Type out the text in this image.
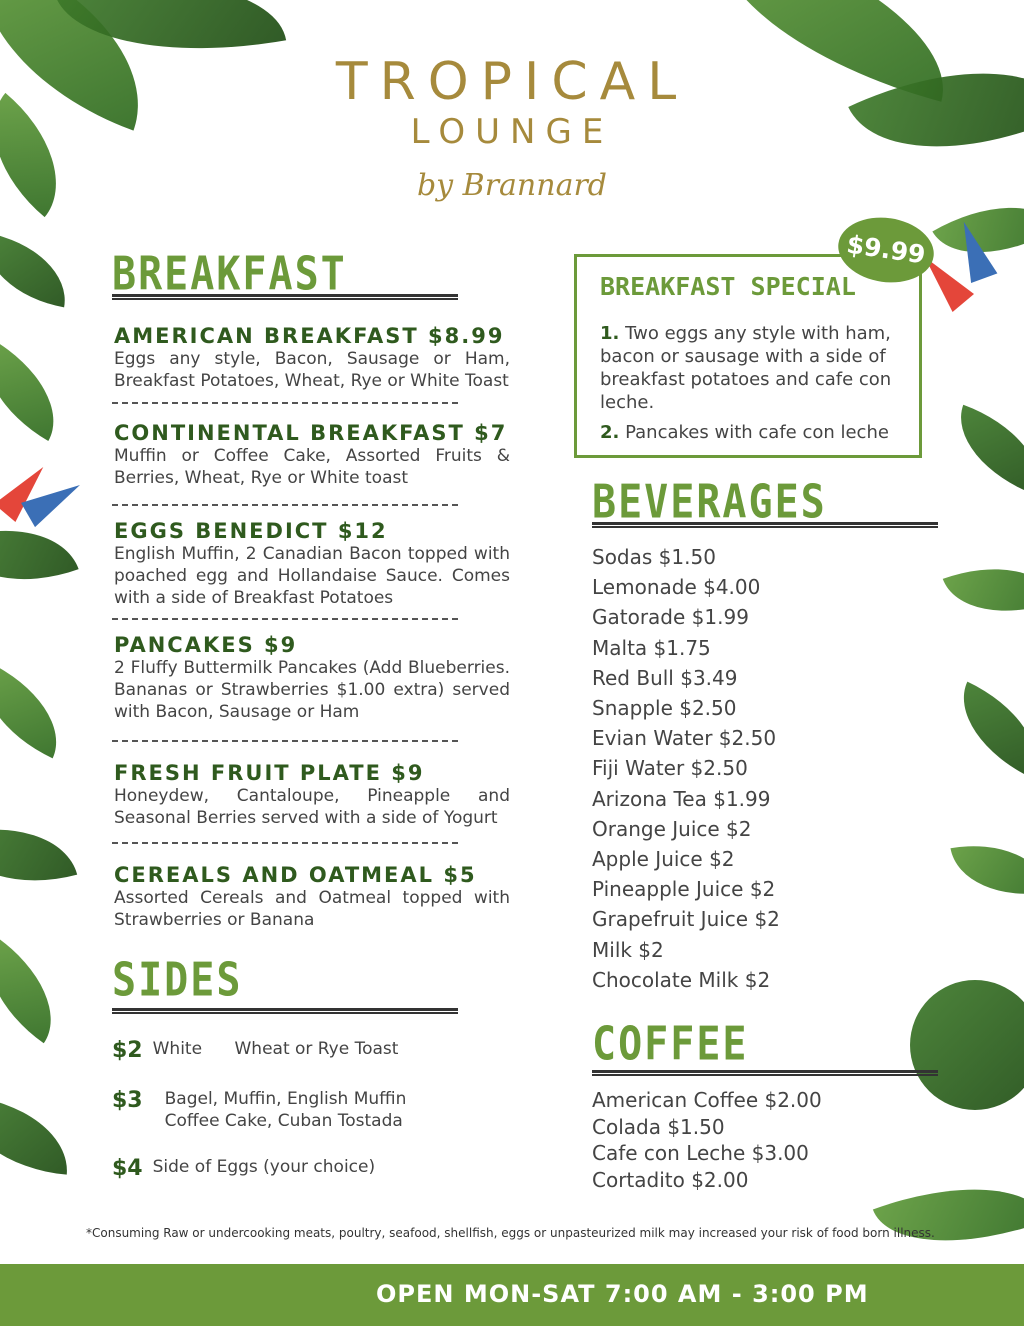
TROPICAL
LOUNGE
by Brannard
BREAKFAST
AMERICAN BREAKFAST $8.99
Eggs any style, Bacon, Sausage or Ham, Breakfast Potatoes, Wheat, Rye or White Toast
CONTINENTAL BREAKFAST $7
Muffin or Coffee Cake, Assorted Fruits & Berries, Wheat, Rye or White toast
EGGS BENEDICT $12
English Muffin, 2 Canadian Bacon topped with poached egg and Hollandaise Sauce. Comes with a side of Breakfast Potatoes
PANCAKES $9
2 Fluffy Buttermilk Pancakes (Add Blueberries. Bananas or Strawberries $1.00 extra) served with Bacon, Sausage or Ham
FRESH FRUIT PLATE $9
Honeydew, Cantaloupe, Pineapple and Seasonal Berries served with a side of Yogurt
CEREALS AND OATMEAL $5
Assorted Cereals and Oatmeal topped with Strawberries or Banana
SIDES
$2 White      Wheat or Rye Toast
$3 Bagel, Muffin, English Muffin
Coffee Cake, Cuban Tostada
$4 Side of Eggs (your choice)
BREAKFAST SPECIAL
1. Two eggs any style with ham, bacon or sausage with a side of breakfast potatoes and cafe con leche.
2. Pancakes with cafe con leche
$9.99
BEVERAGES
Sodas $1.50
Lemonade $4.00
Gatorade $1.99
Malta $1.75
Red Bull $3.49
Snapple $2.50
Evian Water $2.50
Fiji Water $2.50
Arizona Tea $1.99
Orange Juice $2
Apple Juice $2
Pineapple Juice $2
Grapefruit Juice $2
Milk $2
Chocolate Milk $2
COFFEE
American Coffee $2.00
Colada $1.50
Cafe con Leche $3.00
Cortadito $2.00
*Consuming Raw or undercooking meats, poultry, seafood, shellfish, eggs or unpasteurized milk may increased your risk of food born illness.
OPEN MON-SAT 7:00 AM - 3:00 PM
